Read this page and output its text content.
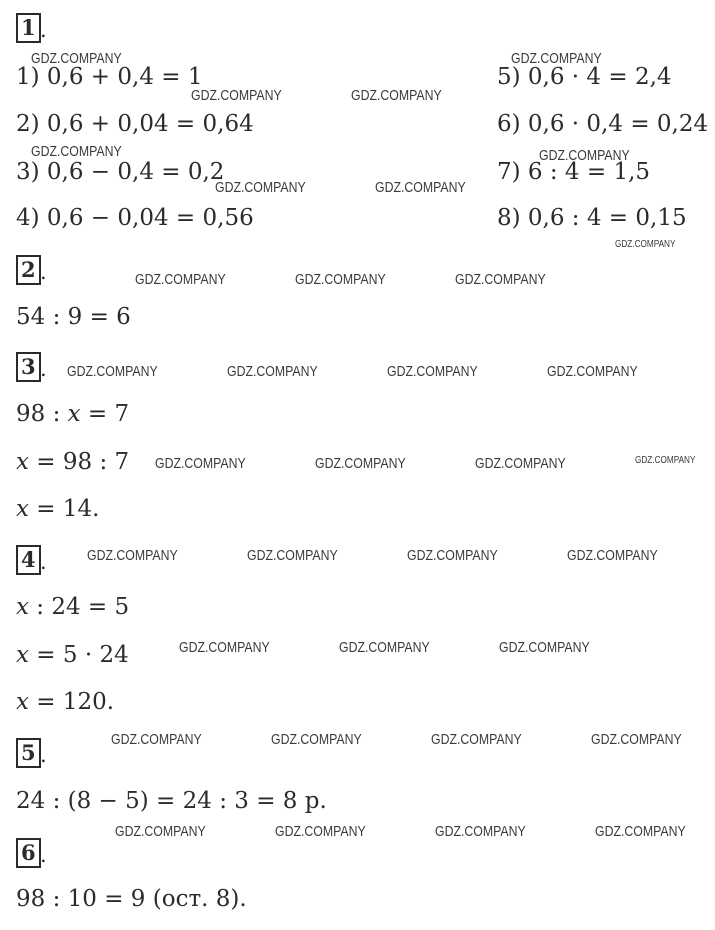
1 .
1) 0,6 + 0,4 = 1
2) 0,6 + 0,04 = 0,64
3) 0,6 − 0,4 = 0,2
4) 0,6 − 0,04 = 0,56
5) 0,6 · 4 = 2,4
6) 0,6 · 0,4 = 0,24
7) 6 : 4 = 1,5
8) 0,6 : 4 = 0,15
2 .
54 : 9 = 6
3 .
98 : x = 7
x = 98 : 7
x = 14.
4 .
x : 24 = 5
x = 5 · 24
x = 120.
5 .
24 : (8 − 5) = 24 : 3 = 8 р.
6 .
98 : 10 = 9 (ост. 8).
GDZ.COMPANY	GDZ.COMPANY
GDZ.COMPANY	GDZ.COMPANY
GDZ.COMPANY	GDZ.COMPANY
GDZ.COMPANY	GDZ.COMPANY
GDZ.COMPANY
GDZ.COMPANY	GDZ.COMPANY	GDZ.COMPANY
GDZ.COMPANY	GDZ.COMPANY	GDZ.COMPANY	GDZ.COMPANY
GDZ.COMPANY	GDZ.COMPANY	GDZ.COMPANY	GDZ.COMPANY
GDZ.COMPANY	GDZ.COMPANY	GDZ.COMPANY	GDZ.COMPANY
GDZ.COMPANY	GDZ.COMPANY	GDZ.COMPANY
GDZ.COMPANY	GDZ.COMPANY	GDZ.COMPANY	GDZ.COMPANY
GDZ.COMPANY	GDZ.COMPANY	GDZ.COMPANY	GDZ.COMPANY
